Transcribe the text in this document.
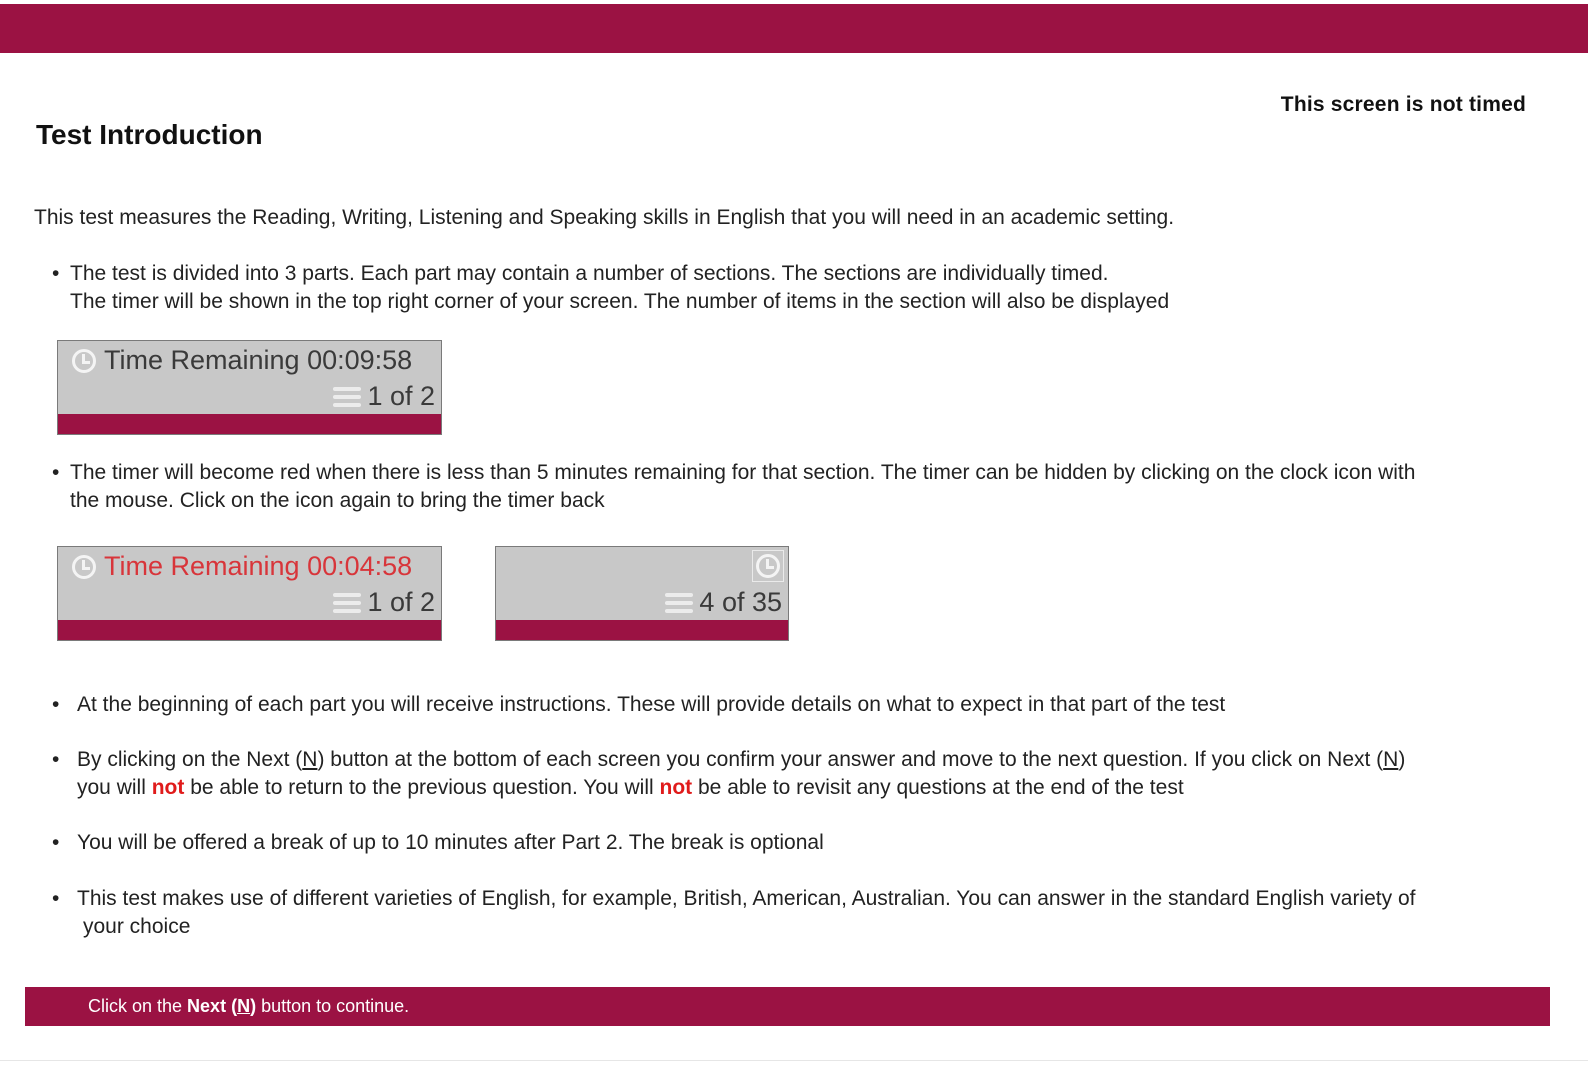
This screen is not timed
Test Introduction

This test measures the Reading, Writing, Listening and Speaking skills in English that you will need in an academic setting.

• The test is divided into 3 parts. Each part may contain a number of sections. The sections are individually timed.
The timer will be shown in the top right corner of your screen. The number of items in the section will also be displayed
Time Remaining 00:09:58
1 of 2
• The timer will become red when there is less than 5 minutes remaining for that section. The timer can be hidden by clicking on the clock icon with
the mouse. Click on the icon again to bring the timer back
Time Remaining 00:04:58
1 of 2	4 of 35
• At the beginning of each part you will receive instructions. These will provide details on what to expect in that part of the test
• By clicking on the Next (N) button at the bottom of each screen you confirm your answer and move to the next question. If you click on Next (N)
you will not be able to return to the previous question. You will not be able to revisit any questions at the end of the test
• You will be offered a break of up to 10 minutes after Part 2. The break is optional
• This test makes use of different varieties of English, for example, British, American, Australian. You can answer in the standard English variety of
your choice
Click on the Next (N) button to continue.
